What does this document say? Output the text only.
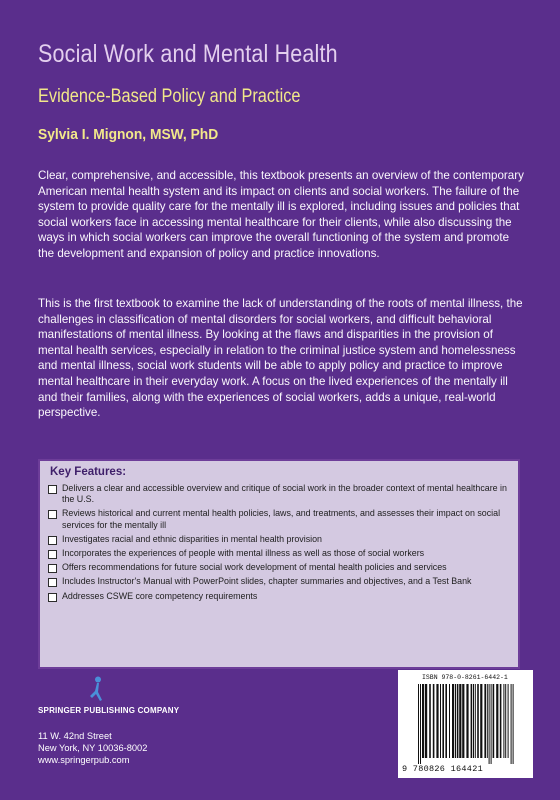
Social Work and Mental Health
Evidence-Based Policy and Practice
Sylvia I. Mignon, MSW, PhD

Clear, comprehensive, and accessible, this textbook presents an overview of the contemporary American mental health system and its impact on clients and social workers. The failure of the system to provide quality care for the mentally ill is explored, including issues and policies that social workers face in accessing mental healthcare for their clients, while also discussing the ways in which social workers can improve the overall functioning of the system and promote the development and expansion of policy and practice innovations.

This is the first textbook to examine the lack of understanding of the roots of mental illness, the challenges in classification of mental disorders for social workers, and difficult behavioral manifestations of mental illness. By looking at the flaws and disparities in the provision of mental health services, especially in relation to the criminal justice system and homelessness and mental illness, social work students will be able to apply policy and practice to improve mental healthcare in their everyday work. A focus on the lived experiences of the mentally ill and their families, along with the experiences of social workers, adds a unique, real-world perspective.

Key Features:
Delivers a clear and accessible overview and critique of social work in the broader context of mental healthcare in the U.S.
Reviews historical and current mental health policies, laws, and treatments, and assesses their impact on social services for the mentally ill
Investigates racial and ethnic disparities in mental health provision
Incorporates the experiences of people with mental illness as well as those of social workers
Offers recommendations for future social work development of mental health policies and services
Includes Instructor's Manual with PowerPoint slides, chapter summaries and objectives, and a Test Bank
Addresses CSWE core competency requirements
SPRINGER PUBLISHING COMPANY
11 W. 42nd Street
New York, NY 10036-8002
www.springerpub.com
ISBN 978-0-8261-6442-1
9 780826 164421
